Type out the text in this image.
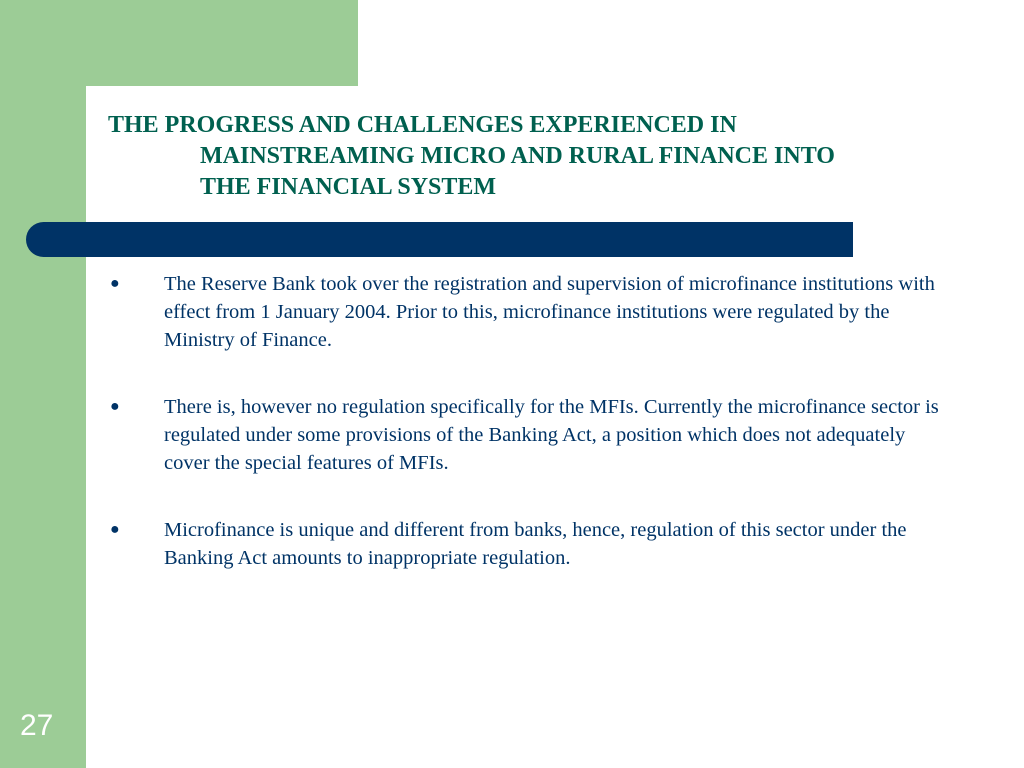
THE PROGRESS AND CHALLENGES EXPERIENCED IN
MAINSTREAMING MICRO AND RURAL FINANCE INTO
THE FINANCIAL SYSTEM
● The Reserve Bank took over the registration and supervision of microfinance institutions with effect from 1 January 2004. Prior to this, microfinance institutions were regulated by the Ministry of Finance.
● There is, however no regulation specifically for the MFIs. Currently the microfinance sector is regulated under some provisions of the Banking Act, a position which does not adequately cover the special features of MFIs.
● Microfinance is unique and different from banks, hence, regulation of this sector under the Banking Act amounts to inappropriate regulation.
27
